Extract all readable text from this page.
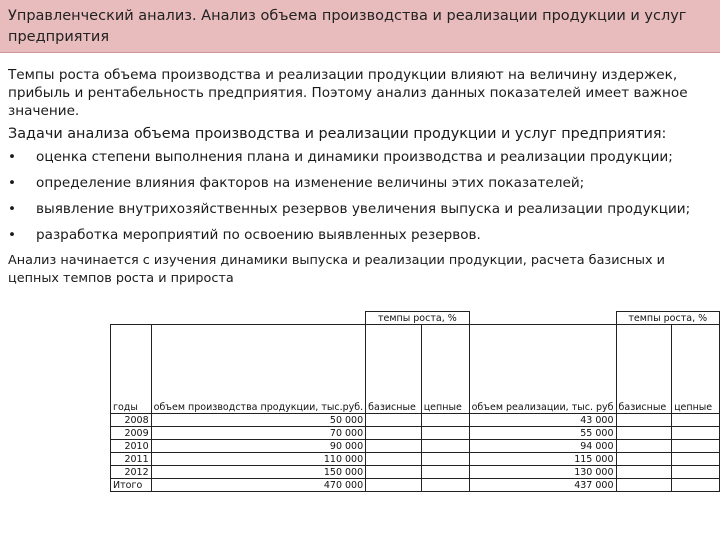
Управленческий анализ. Анализ объема производства и реализации продукции и услуг предприятия

Темпы роста объема производства и реализации продукции влияют на величину издержек, прибыль и рентабельность предприятия. Поэтому анализ данных показателей имеет важное значение.

Задачи анализа объема производства и реализации продукции и услуг предприятия:

•	оценка степени выполнения плана и динамики производства и реализации продукции;
•	определение влияния факторов на изменение величины этих показателей;
•	выявление внутрихозяйственных резервов увеличения выпуска и реализации продукции;
•	разработка мероприятий по освоению выявленных резервов.

Анализ начинается с изучения динамики выпуска и реализации продукции, расчета базисных и цепных темпов роста и прироста

		темпы роста, %			темпы роста, %	
годы	объем производства продукции, тыс.руб.	базисные	цепные	объем реализации, тыс. руб	базисные	цепные
2008	50 000			43 000		
2009	70 000			55 000		
2010	90 000			94 000		
2011	110 000			115 000		
2012	150 000			130 000		
Итого	470 000			437 000		
